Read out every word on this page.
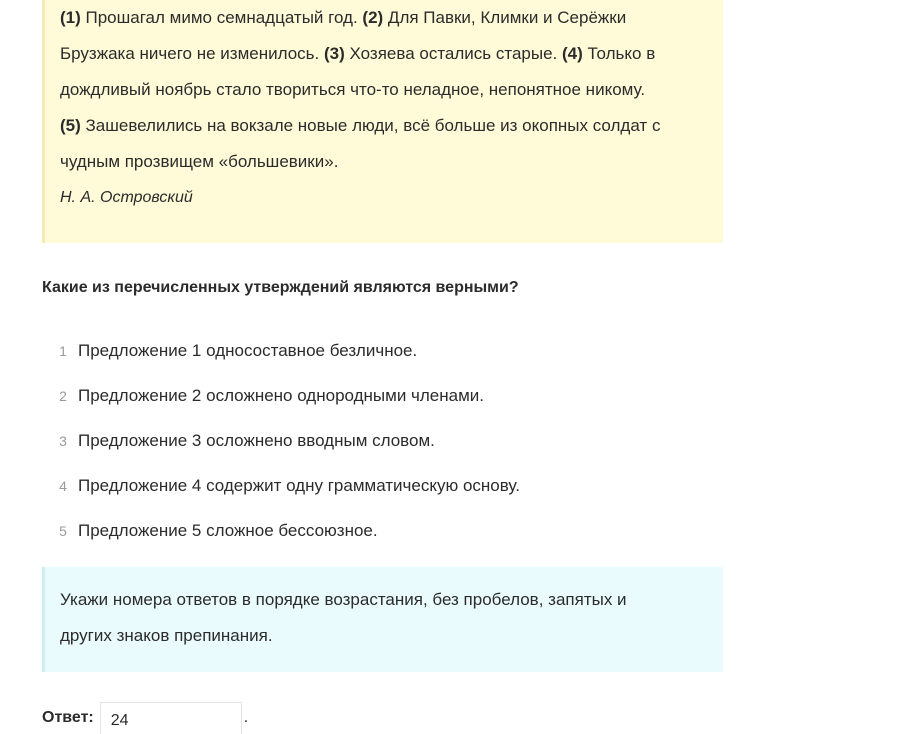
(1) Прошагал мимо семнадцатый год. (2) Для Павки, Климки и Серёжки Брузжака ничего не изменилось. (3) Хозяева остались старые. (4) Только в дождливый ноябрь стало твориться что-то неладное, непонятное никому.
(5) Зашевелились на вокзале новые люди, всё больше из окопных солдат с чудным прозвищем «большевики».

Н. А. Островский

Какие из перечисленных утверждений являются верными?

1 Предложение 1 односоставное безличное.
2 Предложение 2 осложнено однородными членами.
3 Предложение 3 осложнено вводным словом.
4 Предложение 4 содержит одну грамматическую основу.
5 Предложение 5 сложное бессоюзное.

Укажи номера ответов в порядке возрастания, без пробелов, запятых и других знаков препинания.

Ответ:
24	.
